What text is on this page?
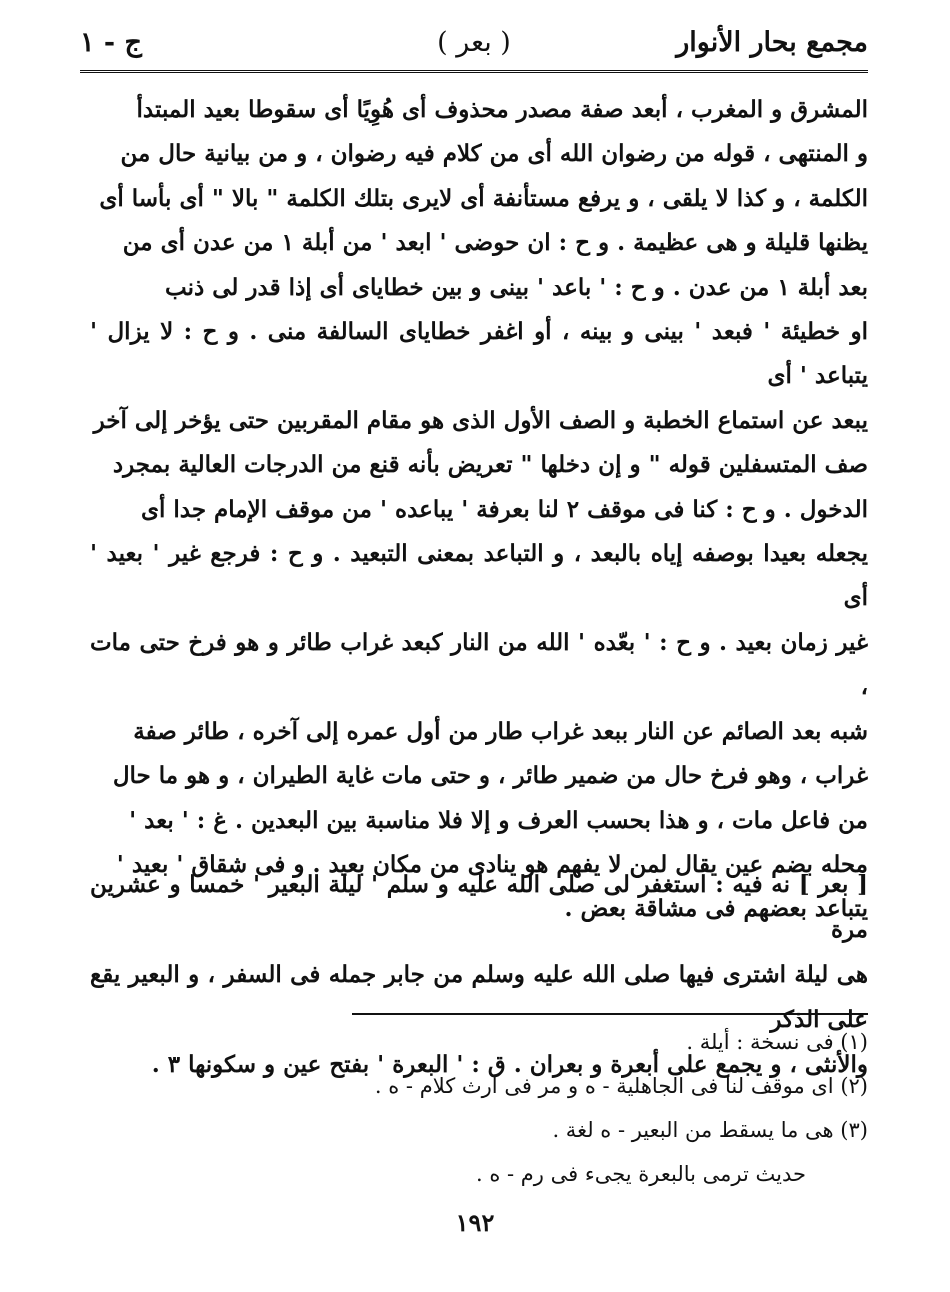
مجمع بحار الأنوار
( بعر )
ج - ١

المشرق و المغرب ، أبعد صفة مصدر محذوف أى هُوِيًا أى سقوطا بعيد المبتدأ

و المنتهى ، قوله من رضوان الله أى من كلام فيه رضوان ، و من بيانية حال من

الكلمة ، و كذا لا يلقى ، و يرفع مستأنفة أى لايرى بتلك الكلمة " بالا " أى بأسا أى

يظنها قليلة و هى عظيمة . و ح : ان حوضى ' ابعد ' من أبلة ١ من عدن أى من

بعد أبلة ١ من عدن . و ح : ' باعد ' بينى و بين خطاياى أى إذا قدر لى ذنب

او خطيئة ' فبعد ' بينى و بينه ، أو اغفر خطاياى السالفة منى . و ح : لا يزال ' يتباعد ' أى

يبعد عن استماع الخطبة و الصف الأول الذى هو مقام المقربين حتى يؤخر إلى آخر

صف المتسفلين قوله " و إن دخلها " تعريض بأنه قنع من الدرجات العالية بمجرد

الدخول . و ح : كنا فى موقف ٢ لنا بعرفة ' يباعده ' من موقف الإمام جدا أى

يجعله بعيدا بوصفه إياه بالبعد ، و التباعد بمعنى التبعيد . و ح : فرجع غير ' بعيد ' أى

غير زمان بعيد . و ح : ' بعّده ' الله من النار كبعد غراب طائر و هو فرخ حتى مات ،

شبه بعد الصائم عن النار ببعد غراب طار من أول عمره إلى آخره ، طائر صفة

غراب ، وهو فرخ حال من ضمير طائر ، و حتى مات غاية الطيران ، و هو ما حال

من فاعل مات ، و هذا بحسب العرف و إلا فلا مناسبة بين البعدين . غ : ' بعد '

محله بضم عين يقال لمن لا يفهم هو ينادى من مكان بعيد . و فى شقاق ' بعيد '

يتباعد بعضهم فى مشاقة بعض .

[ بعر ] نه فيه : استغفر لى صلى الله عليه و سلم ' ليلة البعير ' خمسا و عشرين مرة

هى ليلة اشترى فيها صلى الله عليه وسلم من جابر جمله فى السفر ، و البعير يقع على الذكر

والأنثى ، و يجمع على أبعرة و بعران . ق : ' البعرة ' بفتح عين و سكونها ٣ .

(١) فى نسخة : أيلة .
(٢) اى موقف لنا فى الجاهلية - ه و مر فى ارث كلام - ه .
(٣) هى ما يسقط من البعير - ه لغة .
حديث ترمى بالبعرة يجىء فى رم - ه .
١٩٢
